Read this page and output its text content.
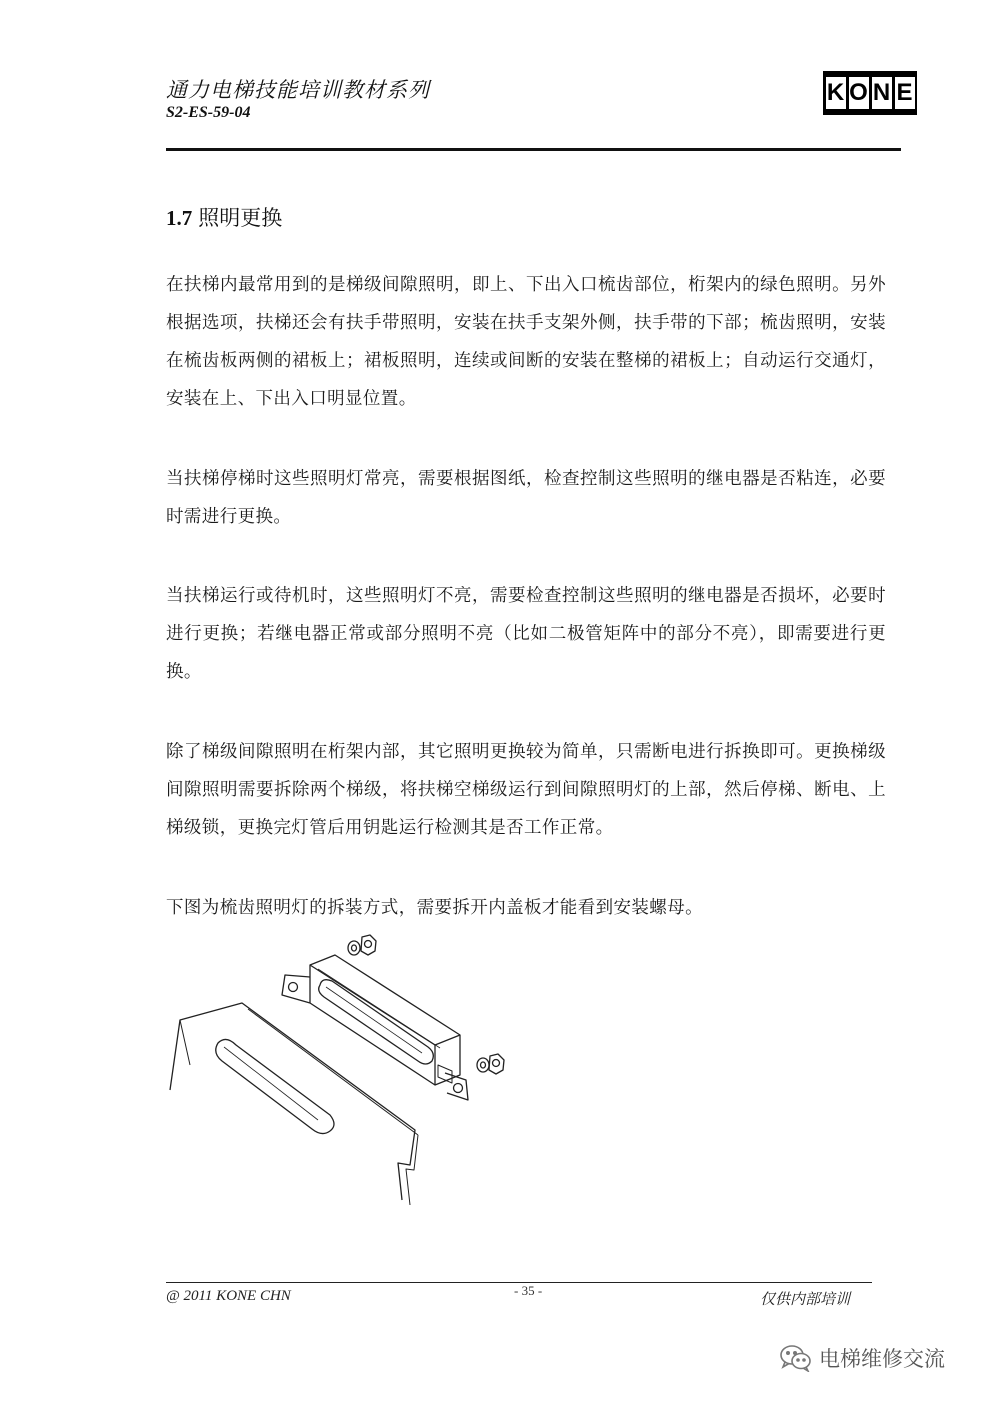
通力电梯技能培训教材系列
S2-ES-59-04
K O N E
1.7 照明更换
在扶梯内最常用到的是梯级间隙照明，即上、下出入口梳齿部位，桁架内的绿色照明。另外根据选项，扶梯还会有扶手带照明，安装在扶手支架外侧，扶手带的下部；梳齿照明，安装在梳齿板两侧的裙板上；裙板照明，连续或间断的安装在整梯的裙板上；自动运行交通灯，安装在上、下出入口明显位置。
当扶梯停梯时这些照明灯常亮，需要根据图纸，检查控制这些照明的继电器是否粘连，必要时需进行更换。
当扶梯运行或待机时，这些照明灯不亮，需要检查控制这些照明的继电器是否损坏，必要时进行更换；若继电器正常或部分照明不亮（比如二极管矩阵中的部分不亮），即需要进行更换。
除了梯级间隙照明在桁架内部，其它照明更换较为简单，只需断电进行拆换即可。更换梯级间隙照明需要拆除两个梯级，将扶梯空梯级运行到间隙照明灯的上部，然后停梯、断电、上梯级锁，更换完灯管后用钥匙运行检测其是否工作正常。
下图为梳齿照明灯的拆装方式，需要拆开内盖板才能看到安装螺母。
@ 2011 KONE CHN	- 35 -	仅供内部培训
电梯维修交流
